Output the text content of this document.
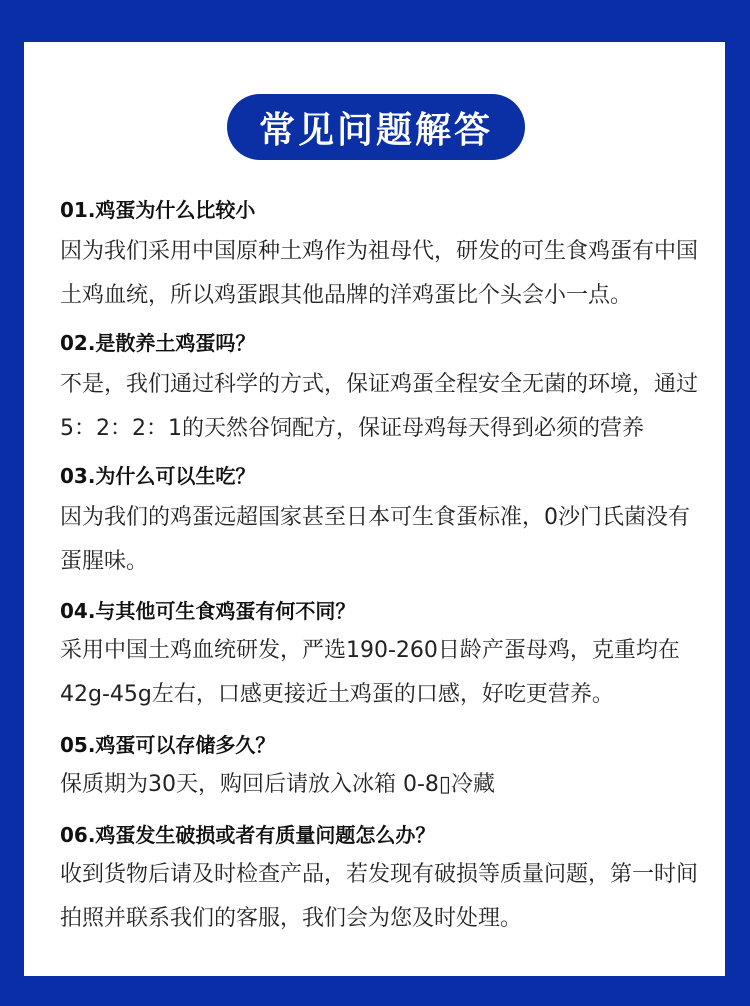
常见问题解答
01.鸡蛋为什么比较小
因为我们采用中国原种土鸡作为祖母代，研发的可生食鸡蛋有中国土鸡血统，所以鸡蛋跟其他品牌的洋鸡蛋比个头会小一点。
02.是散养土鸡蛋吗？
不是，我们通过科学的方式，保证鸡蛋全程安全无菌的环境，通过5：2：2：1的天然谷饲配方，保证母鸡每天得到必须的营养
03.为什么可以生吃？
因为我们的鸡蛋远超国家甚至日本可生食蛋标准，0沙门氏菌没有蛋腥味。
04.与其他可生食鸡蛋有何不同？
采用中国土鸡血统研发，严选190-260日龄产蛋母鸡，克重均在42g-45g左右，口感更接近土鸡蛋的口感，好吃更营养。
05.鸡蛋可以存储多久？
保质期为30天，购回后请放入冰箱 0-8▯冷藏
06.鸡蛋发生破损或者有质量问题怎么办？
收到货物后请及时检查产品，若发现有破损等质量问题，第一时间拍照并联系我们的客服，我们会为您及时处理。
